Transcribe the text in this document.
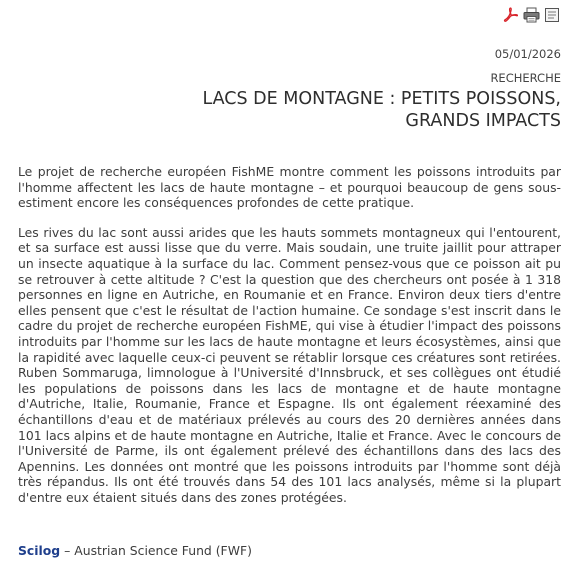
05/01/2026
RECHERCHE
LACS DE MONTAGNE : PETITS POISSONS, GRANDS IMPACTS

Le projet de recherche européen FishME montre comment les poissons introduits par l'homme affectent les lacs de haute montagne – et pourquoi beaucoup de gens sous-estiment encore les conséquences profondes de cette pratique.

Les rives du lac sont aussi arides que les hauts sommets montagneux qui l'entourent, et sa surface est aussi lisse que du verre. Mais soudain, une truite jaillit pour attraper un insecte aquatique à la surface du lac. Comment pensez-vous que ce poisson ait pu se retrouver à cette altitude ? C'est la question que des chercheurs ont posée à 1 318 personnes en ligne en Autriche, en Roumanie et en France. Environ deux tiers d'entre elles pensent que c'est le résultat de l'action humaine. Ce sondage s'est inscrit dans le cadre du projet de recherche européen FishME, qui vise à étudier l'impact des poissons introduits par l'homme sur les lacs de haute montagne et leurs écosystèmes, ainsi que la rapidité avec laquelle ceux-ci peuvent se rétablir lorsque ces créatures sont retirées. Ruben Sommaruga, limnologue à l'Université d'Innsbruck, et ses collègues ont étudié les populations de poissons dans les lacs de montagne et de haute montagne d'Autriche, Italie, Roumanie, France et Espagne. Ils ont également réexaminé des échantillons d'eau et de matériaux prélevés au cours des 20 dernières années dans 101 lacs alpins et de haute montagne en Autriche, Italie et France. Avec le concours de l'Université de Parme, ils ont également prélevé des échantillons dans des lacs des Apennins. Les données ont montré que les poissons introduits par l'homme sont déjà très répandus. Ils ont été trouvés dans 54 des 101 lacs analysés, même si la plupart d'entre eux étaient situés dans des zones protégées.

Scilog – Austrian Science Fund (FWF)
